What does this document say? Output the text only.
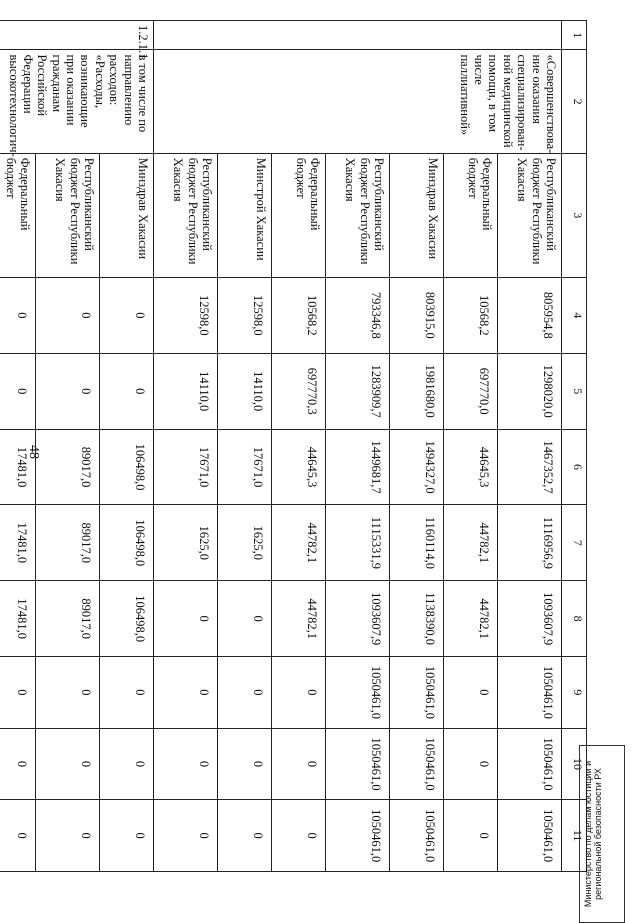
48
1	2	3	4	5	6	7	8	9	10	11
	«Совершенствова-ние оказания специализирован-ной медицинской помощи, в том числе паллиативной»	Республиканский бюджет Республики Хакасия	805954,8	1298020,0	1467352,7	1116956,9	1093607,9	1050461,0	1050461,0	1050461,0
		Федеральный бюджет	10568,2	697770,0	44645,3	44782,1	44782,1	0	0	0
		Минздрав Хакасии	803915,0	1981680,0	1494327,0	1160114,0	1138390,0	1050461,0	1050461,0	1050461,0
		Республиканский бюджет Республики Хакасия	793346,8	1283909,7	1449681,7	1115331,9	1093607,9	1050461,0	1050461,0	1050461,0
		Федеральный бюджет	10568,2	697770,3	44645,3	44782,1	44782,1	0	0	0
		Минстрой Хакасии	12598,0	14110,0	17671,0	1625,0	0	0	0	0
		Республиканский бюджет Республики Хакасия	12598,0	14110,0	17671,0	1625,0	0	0	0	0
1.2.1.1	в том числе по направлению расходов: «Расходы, возникающие при оказании гражданам Российской Федерации высокотехнологич-	Минздрав Хакасии	0	0	106498,0	106498,0	106498,0	0	0	0
		Республиканский бюджет Республики Хакасия	0	0	89017,0	89017,0	89017,0	0	0	0
		Федеральный бюджет	0	0	17481,0	17481,0	17481,0	0	0	0	Министерство по делам юстиции и региональной безопасности РХ
